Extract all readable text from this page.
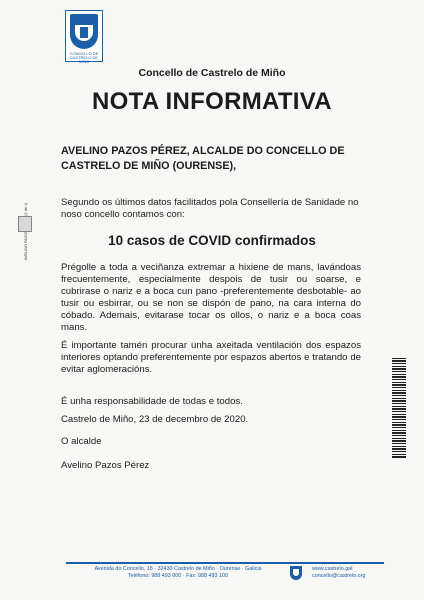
CONCELLO DE CASTRELO DE MIÑO
Concello de Castrelo de Miño
NOTA INFORMATIVA
AVELINO PAZOS PÉREZ, ALCALDE DO CONCELLO DE CASTRELO DE MIÑO (OURENSE),
Segundo os últimos datos facilitados pola Consellería de Sanidade no noso concello contamos con:
10 casos de COVID confirmados
Prégolle a toda a veciñanza extremar a hixiene de mans, lavándoas frecuentemente, especialmente despois de tusir ou soarse, e cubrirase o nariz e a boca cun pano -preferentemente desbotable- ao tusir ou esbirrar, ou se non se dispón de pano, na cara interna do cóbado. Ademais, evitarase tocar os ollos, o nariz e a boca coas mans.
É importante tamén procurar unha axeitada ventilación dos espazos interiores optando preferentemente por espazos abertos e tratando de evitar aglomeracións.
É unha responsabilidade de todas e todos.
Castrelo de Miño, 23 de decembro de 2020.
O alcalde
Avelino Pazos Pérez
Avenida do Concello, 18 · 32430 Castrelo de Miño · Ourense · Galicia
Teléfono: 988 493 000 · Fax: 988 493 100
www.castrelo.gal
concello@castrelo.org
